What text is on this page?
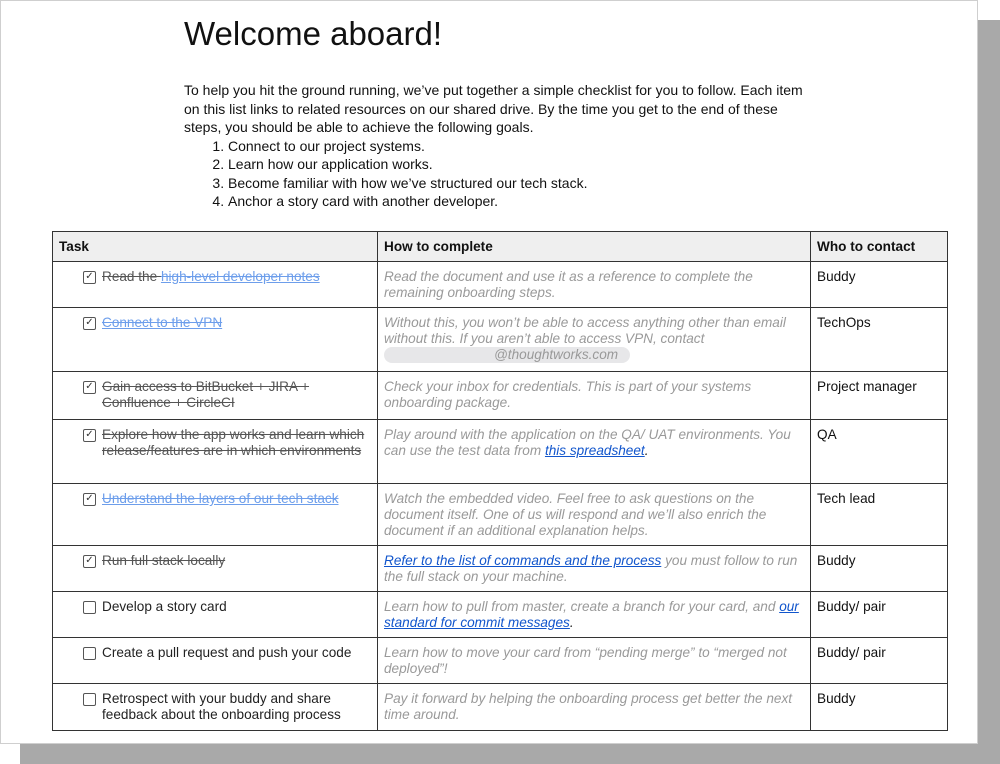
Welcome aboard!
To help you hit the ground running, we’ve put together a simple checklist for you to follow. Each item on this list links to related resources on our shared drive. By the time you get to the end of these steps, you should be able to achieve the following goals.
1. Connect to our project systems.
2. Learn how our application works.
3. Become familiar with how we’ve structured our tech stack.
4. Anchor a story card with another developer.
Task	How to complete	Who to contact

✓ Read the high-level developer notes	Read the document and use it as a reference to complete the remaining onboarding steps.	Buddy

✓ Connect to the VPN	Without this, you won’t be able to access anything other than email without this. If you aren’t able to access VPN, contact
@thoughtworks.com	TechOps

✓ Gain access to BitBucket + JIRA + Confluence + CircleCI	Check your inbox for credentials. This is part of your systems onboarding package.	Project manager

✓ Explore how the app works and learn which release/features are in which environments	Play around with the application on the QA/ UAT environments. You can use the test data from this spreadsheet.	QA

✓ Understand the layers of our tech stack	Watch the embedded video. Feel free to ask questions on the document itself. One of us will respond and we’ll also enrich the document if an additional explanation helps.	Tech lead

✓ Run full stack locally	Refer to the list of commands and the process you must follow to run the full stack on your machine.	Buddy

Develop a story card	Learn how to pull from master, create a branch for your card, and our standard for commit messages.	Buddy/ pair

Create a pull request and push your code	Learn how to move your card from “pending merge” to “merged not deployed”!	Buddy/ pair

Retrospect with your buddy and share feedback about the onboarding process	Pay it forward by helping the onboarding process get better the next time around.	Buddy
